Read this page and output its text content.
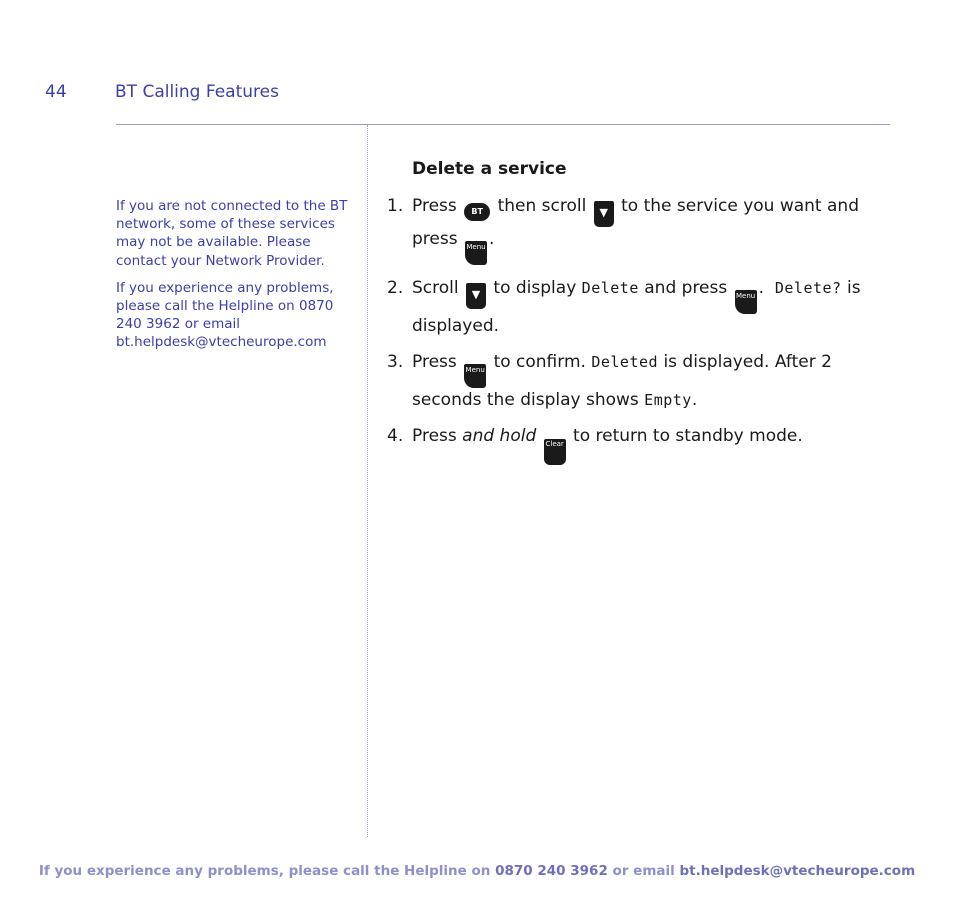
44	BT Calling Features

If you are not connected to the BT network, some of these services may not be available. Please contact your Network Provider.

If you experience any problems, please call the Helpline on 0870 240 3962 or email bt.helpdesk@vtecheurope.com

Delete a service
1. Press BT then scroll ▼ to the service you want and press Menu .
2. Scroll ▼ to display Delete and press Menu . Delete? is displayed.
3. Press Menu to confirm. Deleted is displayed. After 2 seconds the display shows Empty.
4. Press and hold Clear to return to standby mode.
If you experience any problems, please call the Helpline on 0870 240 3962 or email bt.helpdesk@vtecheurope.com
